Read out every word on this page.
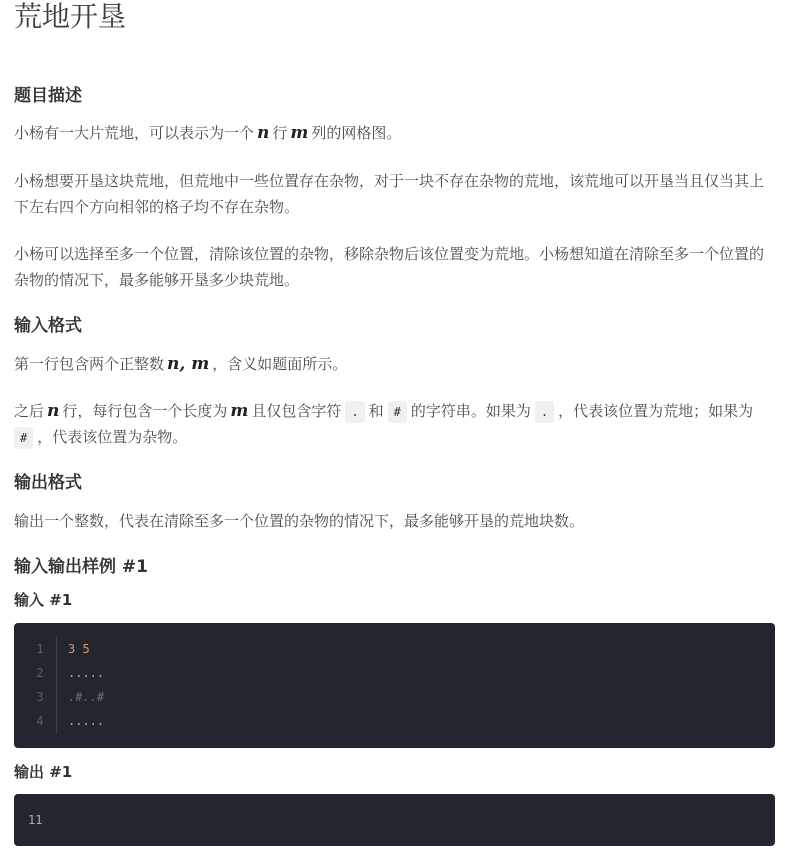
荒地开垦
题目描述

小杨有一大片荒地，可以表示为一个 n 行 m 列的网格图。

小杨想要开垦这块荒地，但荒地中一些位置存在杂物，对于一块不存在杂物的荒地，该荒地可以开垦当且仅当其上下左右四个方向相邻的格子均不存在杂物。

小杨可以选择至多一个位置，清除该位置的杂物，移除杂物后该位置变为荒地。小杨想知道在清除至多一个位置的杂物的情况下，最多能够开垦多少块荒地。

输入格式

第一行包含两个正整数 n, m ，含义如题面所示。

之后 n 行，每行包含一个长度为 m 且仅包含字符 . 和 # 的字符串。如果为 . ，代表该位置为荒地；如果为# ，代表该位置为杂物。

输出格式

输出一个整数，代表在清除至多一个位置的杂物的情况下，最多能够开垦的荒地块数。

输入输出样例 #1
输入 #1
1 3 5
2 .....
3 .#..#
4 .....
输出 #1
11
